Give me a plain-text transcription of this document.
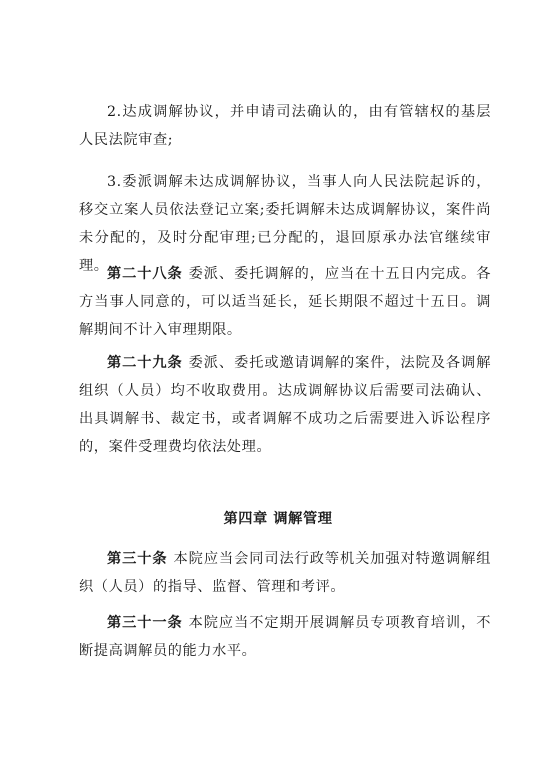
2.达成调解协议，并申请司法确认的，由有管辖权的基层人民法院审查;

3.委派调解未达成调解协议，当事人向人民法院起诉的，移交立案人员依法登记立案;委托调解未达成调解协议，案件尚未分配的，及时分配审理;已分配的，退回原承办法官继续审理。

第二十八条 委派、委托调解的，应当在十五日内完成。各方当事人同意的，可以适当延长，延长期限不超过十五日。调解期间不计入审理期限。

第二十九条 委派、委托或邀请调解的案件，法院及各调解组织（人员）均不收取费用。达成调解协议后需要司法确认、出具调解书、裁定书，或者调解不成功之后需要进入诉讼程序的，案件受理费均依法处理。

第四章 调解管理

第三十条 本院应当会同司法行政等机关加强对特邀调解组织（人员）的指导、监督、管理和考评。

第三十一条 本院应当不定期开展调解员专项教育培训，不断提高调解员的能力水平。
